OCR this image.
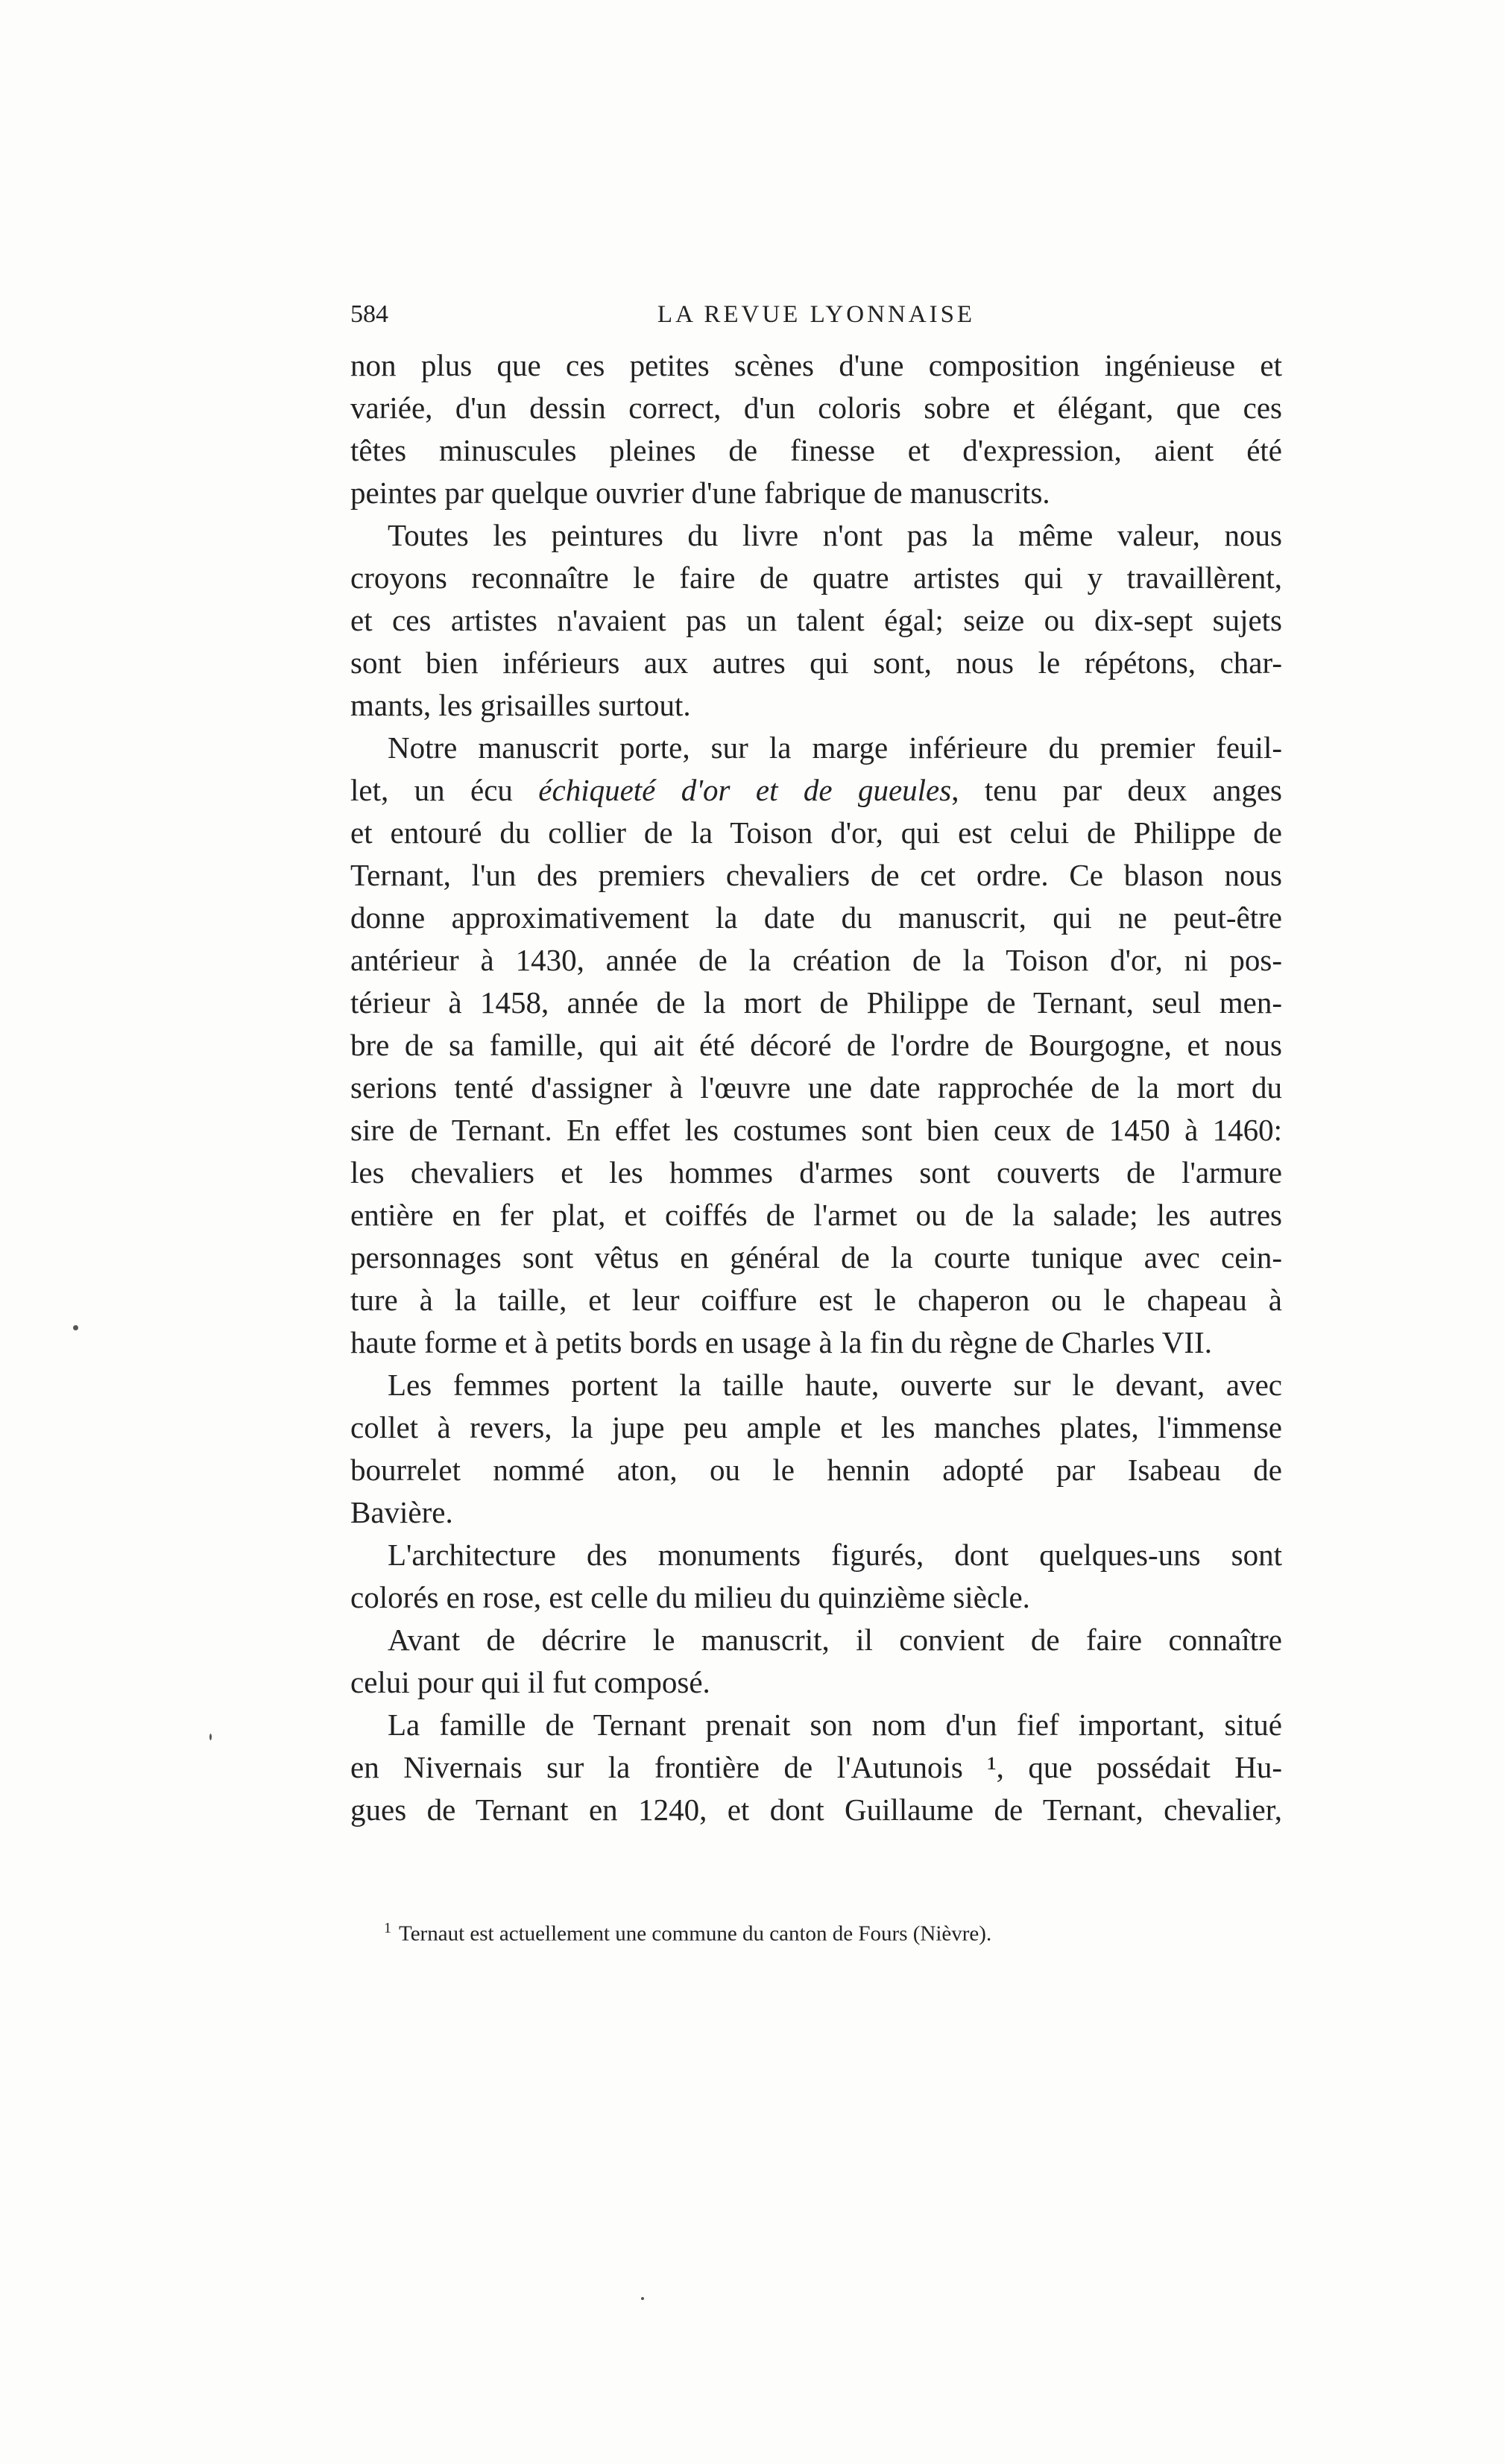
584	LA REVUE LYONNAISE
non plus que ces petites scènes d'une composition ingénieuse et
variée, d'un dessin correct, d'un coloris sobre et élégant, que ces
têtes minuscules pleines de finesse et d'expression, aient été
peintes par quelque ouvrier d'une fabrique de manuscrits.
Toutes les peintures du livre n'ont pas la même valeur, nous
croyons reconnaître le faire de quatre artistes qui y travaillèrent,
et ces artistes n'avaient pas un talent égal; seize ou dix-sept sujets
sont bien inférieurs aux autres qui sont, nous le répétons, char-
mants, les grisailles surtout.
Notre manuscrit porte, sur la marge inférieure du premier feuil-
let, un écu échiqueté d'or et de gueules, tenu par deux anges
et entouré du collier de la Toison d'or, qui est celui de Philippe de
Ternant, l'un des premiers chevaliers de cet ordre. Ce blason nous
donne approximativement la date du manuscrit, qui ne peut-être
antérieur à 1430, année de la création de la Toison d'or, ni pos-
térieur à 1458, année de la mort de Philippe de Ternant, seul men-
bre de sa famille, qui ait été décoré de l'ordre de Bourgogne, et nous
serions tenté d'assigner à l'œuvre une date rapprochée de la mort du
sire de Ternant. En effet les costumes sont bien ceux de 1450 à 1460:
les chevaliers et les hommes d'armes sont couverts de l'armure
entière en fer plat, et coiffés de l'armet ou de la salade; les autres
personnages sont vêtus en général de la courte tunique avec cein-
ture à la taille, et leur coiffure est le chaperon ou le chapeau à
haute forme et à petits bords en usage à la fin du règne de Charles VII.
Les femmes portent la taille haute, ouverte sur le devant, avec
collet à revers, la jupe peu ample et les manches plates, l'immense
bourrelet nommé aton, ou le hennin adopté par Isabeau de
Bavière.
L'architecture des monuments figurés, dont quelques-uns sont
colorés en rose, est celle du milieu du quinzième siècle.
Avant de décrire le manuscrit, il convient de faire connaître
celui pour qui il fut composé.
La famille de Ternant prenait son nom d'un fief important, situé
en Nivernais sur la frontière de l'Autunois ¹, que possédait Hu-
gues de Ternant en 1240, et dont Guillaume de Ternant, chevalier,
$^1$ Ternaut est actuellement une commune du canton de Fours (Nièvre).
